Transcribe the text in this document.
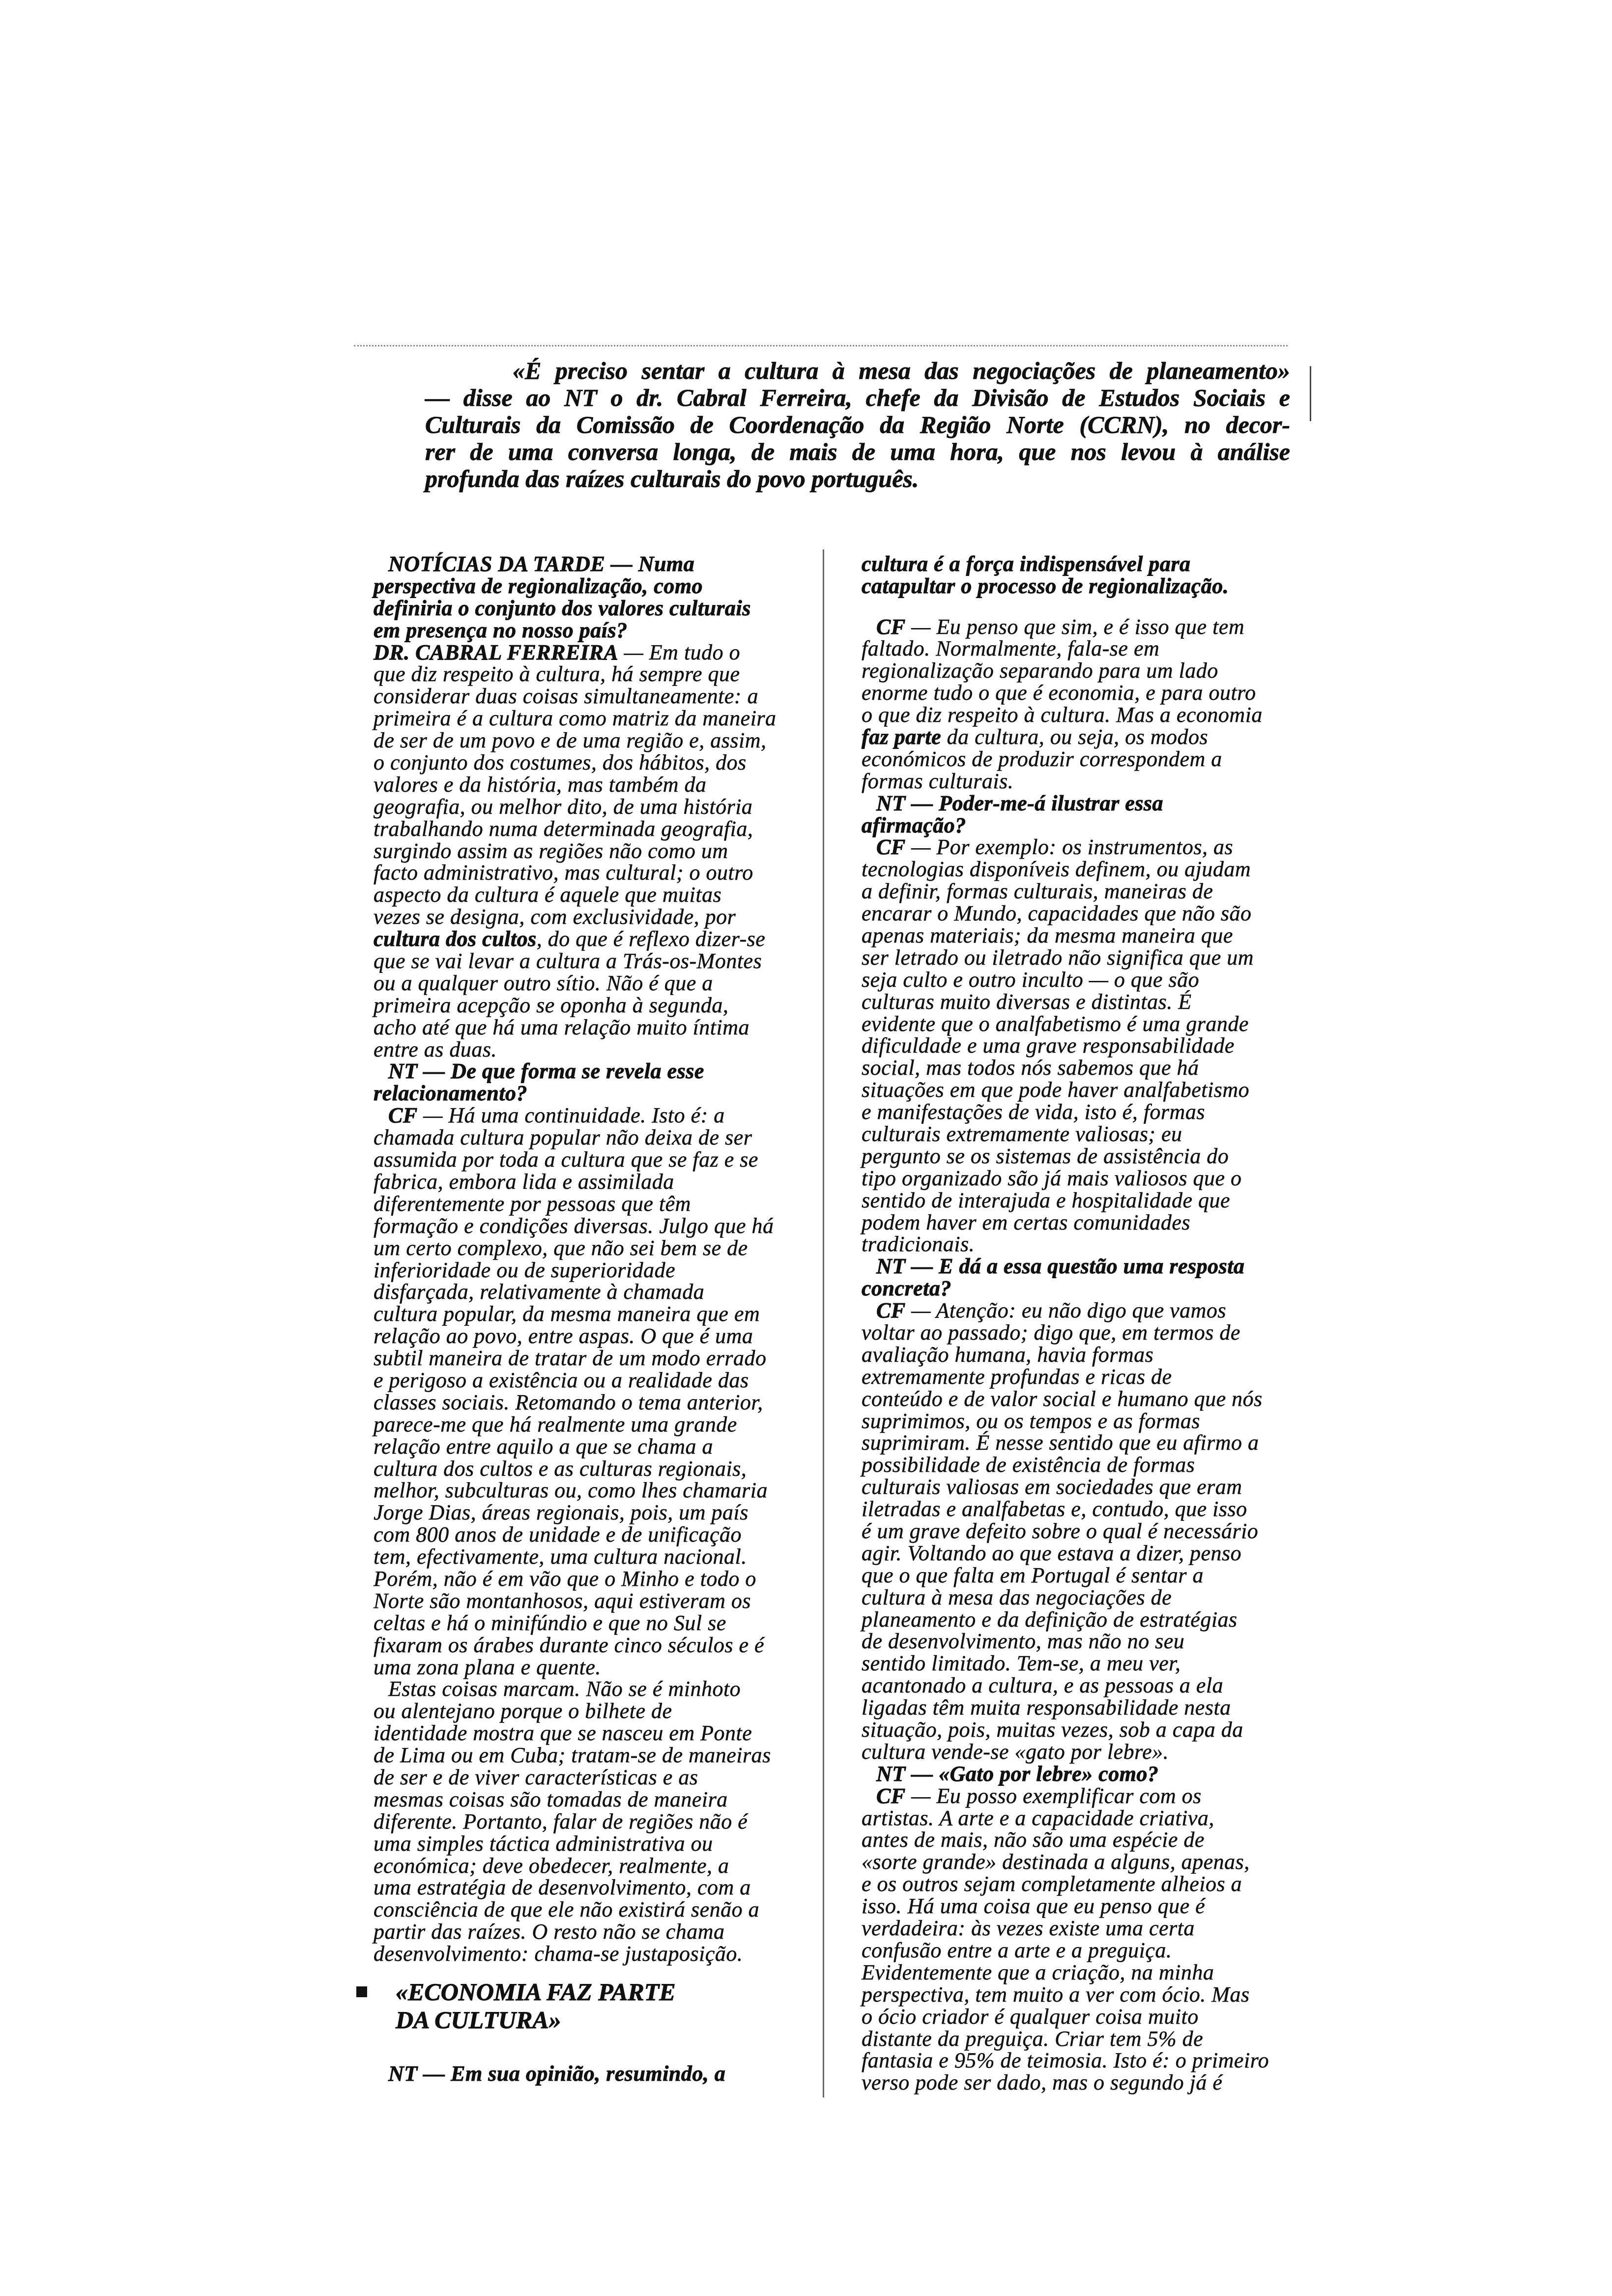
«É preciso sentar a cultura à mesa das negociações de planeamento»
— disse ao NT o dr. Cabral Ferreira, chefe da Divisão de Estudos Sociais e
Culturais da Comissão de Coordenação da Região Norte (CCRN), no decor-
rer de uma conversa longa, de mais de uma hora, que nos levou à análise
profunda das raízes culturais do povo português.
NOTÍCIAS DA TARDE — Numa
perspectiva de regionalização, como
definiria o conjunto dos valores culturais
em presença no nosso país?
DR. CABRAL FERREIRA — Em tudo o
que diz respeito à cultura, há sempre que
considerar duas coisas simultaneamente: a
primeira é a cultura como matriz da maneira
de ser de um povo e de uma região e, assim,
o conjunto dos costumes, dos hábitos, dos
valores e da história, mas também da
geografia, ou melhor dito, de uma história
trabalhando numa determinada geografia,
surgindo assim as regiões não como um
facto administrativo, mas cultural; o outro
aspecto da cultura é aquele que muitas
vezes se designa, com exclusividade, por
cultura dos cultos, do que é reflexo dizer-se
que se vai levar a cultura a Trás-os-Montes
ou a qualquer outro sítio. Não é que a
primeira acepção se oponha à segunda,
acho até que há uma relação muito íntima
entre as duas.
NT — De que forma se revela esse
relacionamento?
CF — Há uma continuidade. Isto é: a
chamada cultura popular não deixa de ser
assumida por toda a cultura que se faz e se
fabrica, embora lida e assimilada
diferentemente por pessoas que têm
formação e condições diversas. Julgo que há
um certo complexo, que não sei bem se de
inferioridade ou de superioridade
disfarçada, relativamente à chamada
cultura popular, da mesma maneira que em
relação ao povo, entre aspas. O que é uma
subtil maneira de tratar de um modo errado
e perigoso a existência ou a realidade das
classes sociais. Retomando o tema anterior,
parece-me que há realmente uma grande
relação entre aquilo a que se chama a
cultura dos cultos e as culturas regionais,
melhor, subculturas ou, como lhes chamaria
Jorge Dias, áreas regionais, pois, um país
com 800 anos de unidade e de unificação
tem, efectivamente, uma cultura nacional.
Porém, não é em vão que o Minho e todo o
Norte são montanhosos, aqui estiveram os
celtas e há o minifúndio e que no Sul se
fixaram os árabes durante cinco séculos e é
uma zona plana e quente.
Estas coisas marcam. Não se é minhoto
ou alentejano porque o bilhete de
identidade mostra que se nasceu em Ponte
de Lima ou em Cuba; tratam-se de maneiras
de ser e de viver características e as
mesmas coisas são tomadas de maneira
diferente. Portanto, falar de regiões não é
uma simples táctica administrativa ou
económica; deve obedecer, realmente, a
uma estratégia de desenvolvimento, com a
consciência de que ele não existirá senão a
partir das raízes. O resto não se chama
desenvolvimento: chama-se justaposição.
«ECONOMIA FAZ PARTE
DA CULTURA»
NT — Em sua opinião, resumindo, a
cultura é a força indispensável para
catapultar o processo de regionalização.
CF — Eu penso que sim, e é isso que tem
faltado. Normalmente, fala-se em
regionalização separando para um lado
enorme tudo o que é economia, e para outro
o que diz respeito à cultura. Mas a economia
faz parte da cultura, ou seja, os modos
económicos de produzir correspondem a
formas culturais.
NT — Poder-me-á ilustrar essa
afirmação?
CF — Por exemplo: os instrumentos, as
tecnologias disponíveis definem, ou ajudam
a definir, formas culturais, maneiras de
encarar o Mundo, capacidades que não são
apenas materiais; da mesma maneira que
ser letrado ou iletrado não significa que um
seja culto e outro inculto — o que são
culturas muito diversas e distintas. É
evidente que o analfabetismo é uma grande
dificuldade e uma grave responsabilidade
social, mas todos nós sabemos que há
situações em que pode haver analfabetismo
e manifestações de vida, isto é, formas
culturais extremamente valiosas; eu
pergunto se os sistemas de assistência do
tipo organizado são já mais valiosos que o
sentido de interajuda e hospitalidade que
podem haver em certas comunidades
tradicionais.
NT — E dá a essa questão uma resposta
concreta?
CF — Atenção: eu não digo que vamos
voltar ao passado; digo que, em termos de
avaliação humana, havia formas
extremamente profundas e ricas de
conteúdo e de valor social e humano que nós
suprimimos, ou os tempos e as formas
suprimiram. É nesse sentido que eu afirmo a
possibilidade de existência de formas
culturais valiosas em sociedades que eram
iletradas e analfabetas e, contudo, que isso
é um grave defeito sobre o qual é necessário
agir. Voltando ao que estava a dizer, penso
que o que falta em Portugal é sentar a
cultura à mesa das negociações de
planeamento e da definição de estratégias
de desenvolvimento, mas não no seu
sentido limitado. Tem-se, a meu ver,
acantonado a cultura, e as pessoas a ela
ligadas têm muita responsabilidade nesta
situação, pois, muitas vezes, sob a capa da
cultura vende-se «gato por lebre».
NT — «Gato por lebre» como?
CF — Eu posso exemplificar com os
artistas. A arte e a capacidade criativa,
antes de mais, não são uma espécie de
«sorte grande» destinada a alguns, apenas,
e os outros sejam completamente alheios a
isso. Há uma coisa que eu penso que é
verdadeira: às vezes existe uma certa
confusão entre a arte e a preguiça.
Evidentemente que a criação, na minha
perspectiva, tem muito a ver com ócio. Mas
o ócio criador é qualquer coisa muito
distante da preguiça. Criar tem 5% de
fantasia e 95% de teimosia. Isto é: o primeiro
verso pode ser dado, mas o segundo já é
